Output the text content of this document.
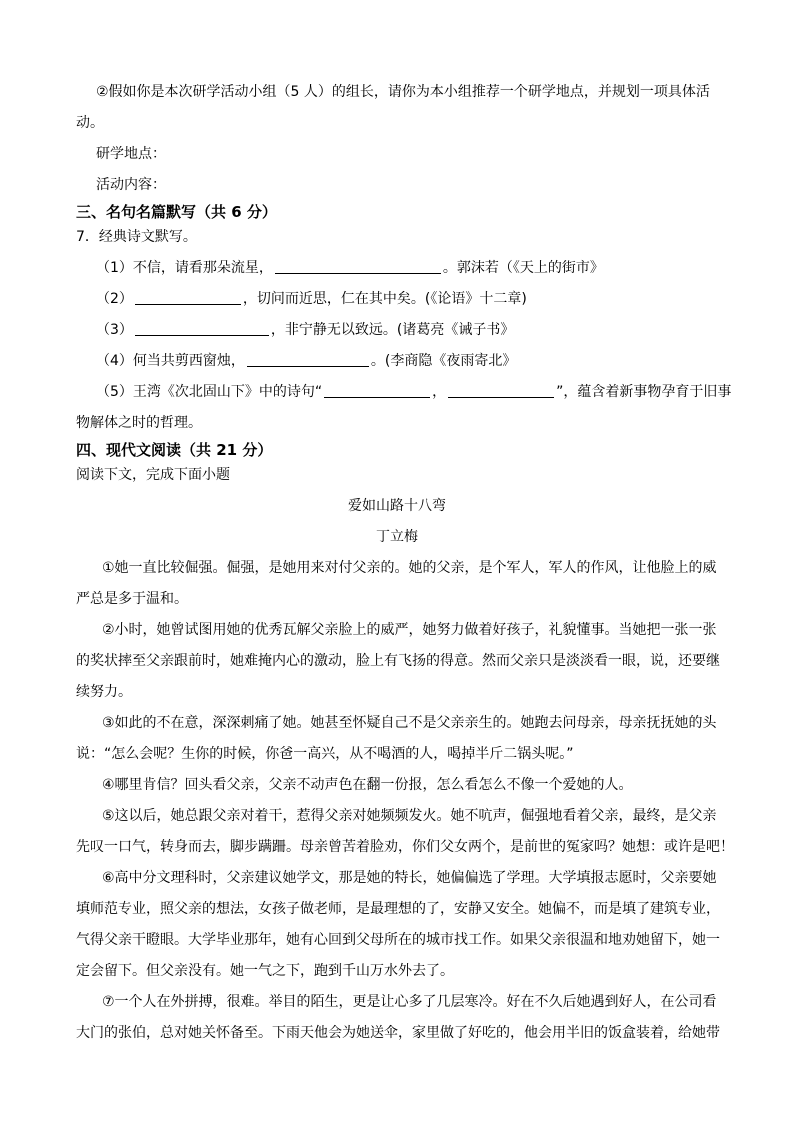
②假如你是本次研学活动小组（5 人）的组长，请你为本小组推荐一个研学地点，并规划一项具体活
动。
研学地点：
活动内容：
三、名句名篇默写（共 6 分）
7．经典诗文默写。
（1）不信，请看那朵流星，	。郭沫若（《天上的街市》
（2）	，切问而近思，仁在其中矣。(《论语》十二章)
（3）	，非宁静无以致远。(诸葛亮《诫子书》
（4）何当共剪西窗烛，	。(李商隐《夜雨寄北》
（5）王湾《次北固山下》中的诗句“	，	”，蕴含着新事物孕育于旧事
物解体之时的哲理。
四、现代文阅读（共 21 分）
阅读下文，完成下面小题
爱如山路十八弯
丁立梅
①她一直比较倔强。倔强，是她用来对付父亲的。她的父亲，是个军人，军人的作风，让他脸上的威
严总是多于温和。
②小时，她曾试图用她的优秀瓦解父亲脸上的威严，她努力做着好孩子，礼貌懂事。当她把一张一张
的奖状摔至父亲跟前时，她难掩内心的激动，脸上有飞扬的得意。然而父亲只是淡淡看一眼，说，还要继
续努力。
③如此的不在意，深深刺痛了她。她甚至怀疑自己不是父亲亲生的。她跑去问母亲，母亲抚抚她的头
说：“怎么会呢？生你的时候，你爸一高兴，从不喝酒的人，喝掉半斤二锅头呢。”
④哪里肯信？回头看父亲，父亲不动声色在翻一份报，怎么看怎么不像一个爱她的人。
⑤这以后，她总跟父亲对着干，惹得父亲对她频频发火。她不吭声，倔强地看着父亲，最终，是父亲
先叹一口气，转身而去，脚步蹒跚。母亲曾苦着脸劝，你们父女两个，是前世的冤家吗？她想：或许是吧！
⑥高中分文理科时，父亲建议她学文，那是她的特长，她偏偏选了学理。大学填报志愿时，父亲要她
填师范专业，照父亲的想法，女孩子做老师，是最理想的了，安静又安全。她偏不，而是填了建筑专业，
气得父亲干瞪眼。大学毕业那年，她有心回到父母所在的城市找工作。如果父亲很温和地劝她留下，她一
定会留下。但父亲没有。她一气之下，跑到千山万水外去了。
⑦一个人在外拼搏，很难。举目的陌生，更是让心多了几层寒冷。好在不久后她遇到好人，在公司看
大门的张伯，总对她关怀备至。下雨天他会为她送伞，家里做了好吃的，他会用半旧的饭盒装着，给她带
